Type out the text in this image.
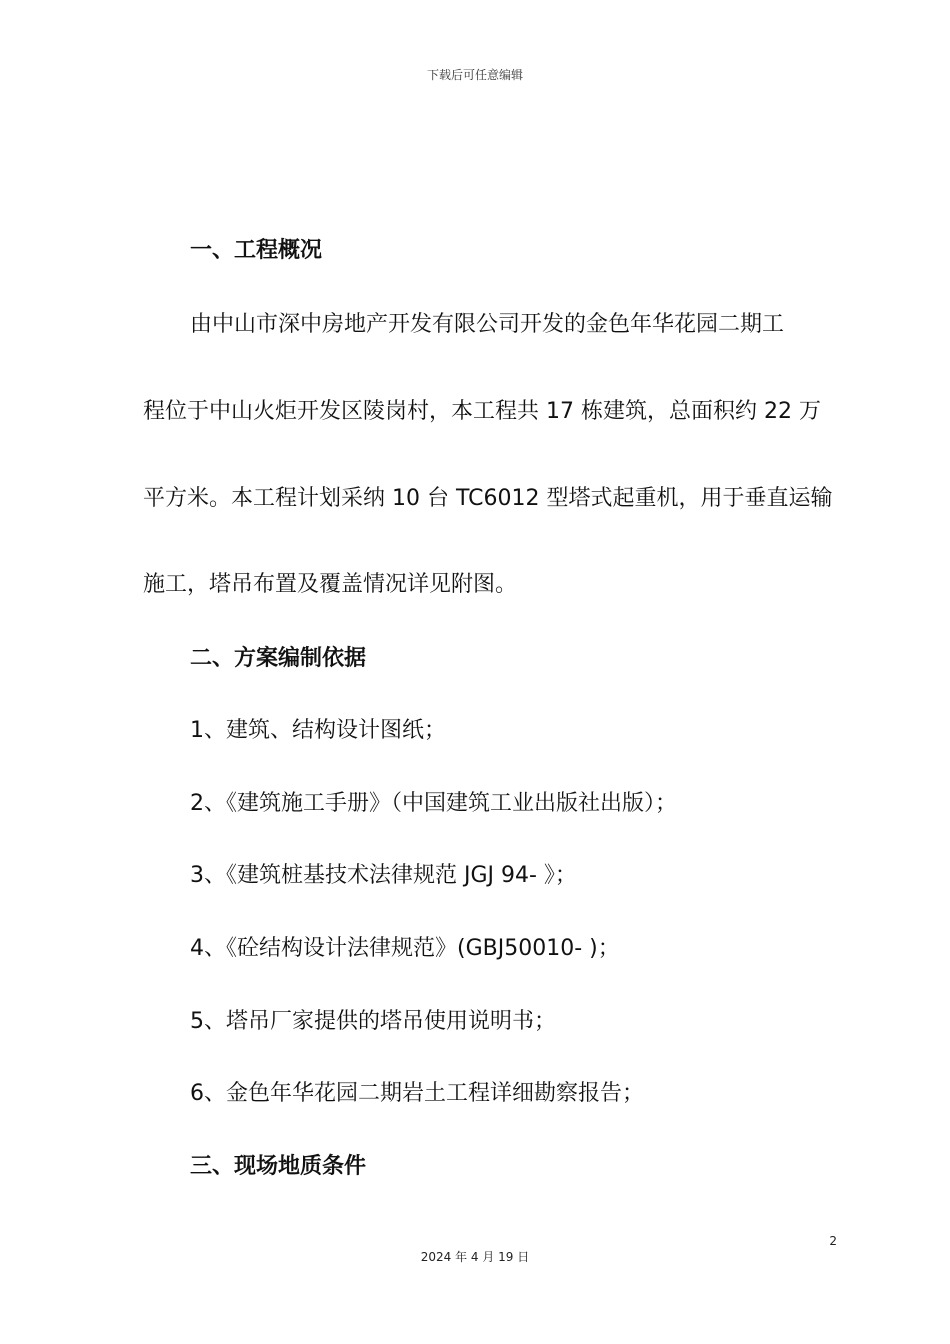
下载后可任意编辑
一、工程概况
由中山市深中房地产开发有限公司开发的金色年华花园二期工
程位于中山火炬开发区陵岗村，本工程共 17 栋建筑，总面积约 22 万
平方米。本工程计划采纳 10 台 TC6012 型塔式起重机，用于垂直运输
施工，塔吊布置及覆盖情况详见附图。
二、方案编制依据
1、建筑、结构设计图纸；
2、《建筑施工手册》（中国建筑工业出版社出版）；
3、《建筑桩基技术法律规范 JGJ 94- 》；
4、《砼结构设计法律规范》(GBJ50010- )；
5、塔吊厂家提供的塔吊使用说明书；
6、金色年华花园二期岩土工程详细勘察报告；
三、现场地质条件
2
2024 年 4 月 19 日
